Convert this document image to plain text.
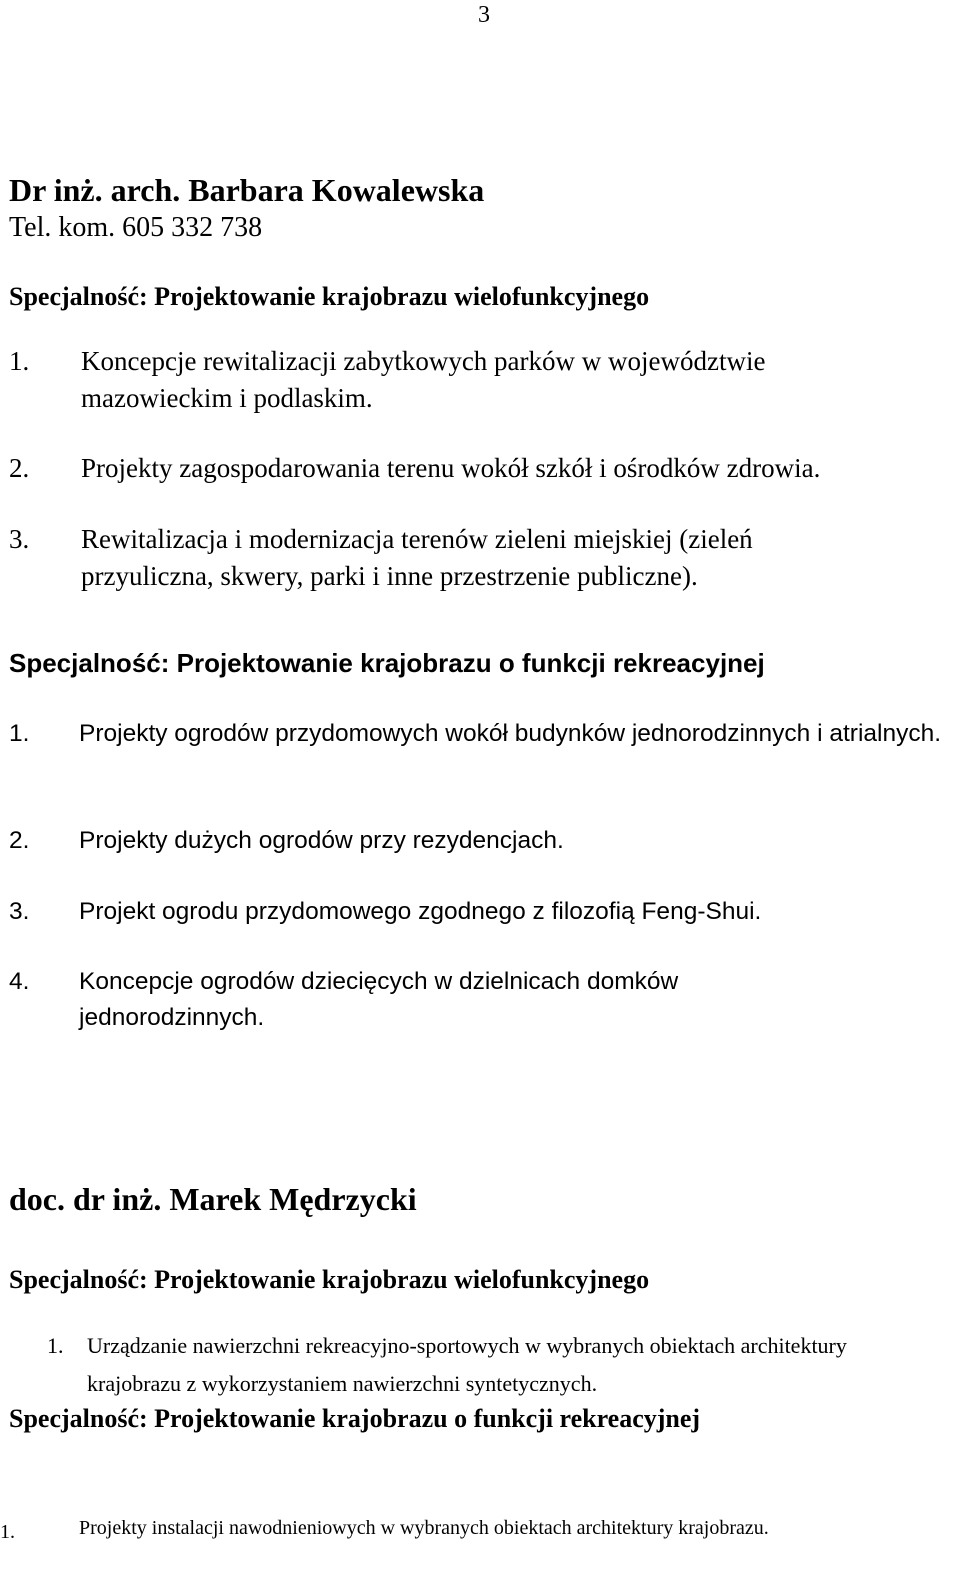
3
Dr inż. arch. Barbara Kowalewska
Tel. kom. 605 332 738
Specjalność: Projektowanie krajobrazu wielofunkcyjnego
1. Koncepcje rewitalizacji zabytkowych parków w województwie mazowieckim i podlaskim.
2. Projekty zagospodarowania terenu wokół szkół i ośrodków zdrowia.
3. Rewitalizacja i modernizacja terenów zieleni miejskiej (zieleń przyuliczna, skwery, parki i inne przestrzenie publiczne).
Specjalność: Projektowanie krajobrazu o funkcji rekreacyjnej
1. Projekty ogrodów przydomowych wokół budynków jednorodzinnych i atrialnych.
2. Projekty dużych ogrodów przy rezydencjach.
3. Projekt ogrodu przydomowego zgodnego z filozofią Feng-Shui.
4. Koncepcje ogrodów dziecięcych w dzielnicach domków jednorodzinnych.
doc. dr inż. Marek Mędrzycki
Specjalność: Projektowanie krajobrazu wielofunkcyjnego
1. Urządzanie nawierzchni rekreacyjno-sportowych w wybranych obiektach architektury krajobrazu z wykorzystaniem nawierzchni syntetycznych.
Specjalność: Projektowanie krajobrazu o funkcji rekreacyjnej
1.	Projekty instalacji nawodnieniowych w wybranych obiektach architektury krajobrazu.
